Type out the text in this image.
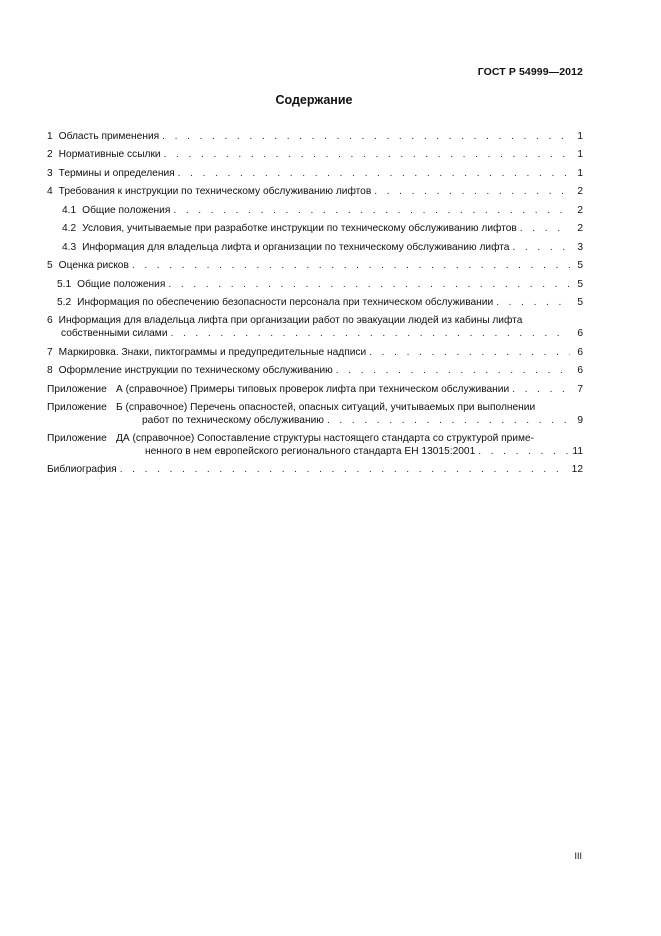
ГОСТ Р 54999—2012
Содержание
1 Область применения . . .	1
2 Нормативные ссылки . . .	1
3 Термины и определения . . .	1
4 Требования к инструкции по техническому обслуживанию лифтов . . .	2
4.1 Общие положения . . .	2
4.2 Условия, учитываемые при разработке инструкции по техническому обслуживанию лифтов . . .	2
4.3 Информация для владельца лифта и организации по техническому обслуживанию лифта . . .	3
5 Оценка рисков . . .	5
5.1 Общие положения . . .	5
5.2 Информация по обеспечению безопасности персонала при техническом обслуживании . . .	5
6 Информация для владельца лифта при организации работ по эвакуации людей из кабины лифта
собственными силами . . .	6
7 Маркировка. Знаки, пиктограммы и предупредительные надписи . . .	6
8 Оформление инструкции по техническому обслуживанию . . .	6
Приложение А (справочное) Примеры типовых проверок лифта при техническом обслуживании . . .	7
Приложение Б (справочное) Перечень опасностей, опасных ситуаций, учитываемых при выполнении
работ по техническому обслуживанию . . .	9
Приложение ДА (справочное) Сопоставление структуры настоящего стандарта со структурой приме-
ненного в нем европейского регионального стандарта ЕН 13015:2001 . . .	11
Библиография . . .	12
III
